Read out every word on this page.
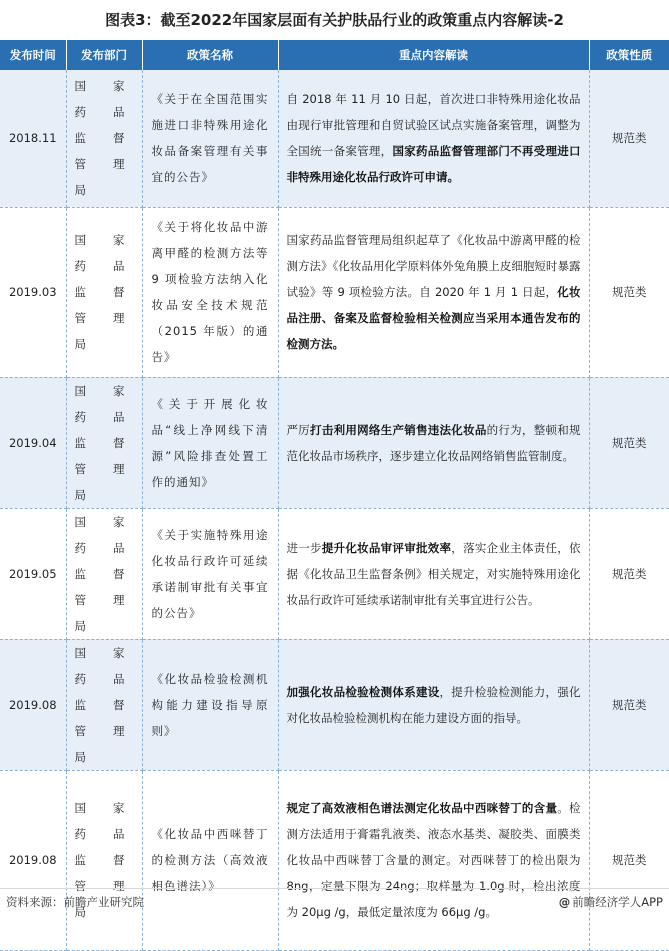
图表3：截至2022年国家层面有关护肤品行业的政策重点内容解读-2
发布时间	发布部门	政策名称	重点内容解读	政策性质
2018.11	国家药品监督管理局	《关于在全国范围实施进口非特殊用途化妆品备案管理有关事宜的公告》	自 2018 年 11 月 10 日起，首次进口非特殊用途化妆品由现行审批管理和自贸试验区试点实施备案管理，调整为全国统一备案管理，国家药品监督管理部门不再受理进口非特殊用途化妆品行政许可申请。	规范类
2019.03	国家药品监督管理局	《关于将化妆品中游离甲醛的检测方法等 9 项检验方法纳入化妆品安全技术规范（2015 年版）的通告》	国家药品监督管理局组织起草了《化妆品中游离甲醛的检测方法》《化妆品用化学原料体外兔角膜上皮细胞短时暴露试验》等 9 项检验方法。自 2020 年 1 月 1 日起，化妆品注册、备案及监督检验相关检测应当采用本通告发布的检测方法。	规范类
2019.04	国家药品监督管理局	《关于开展化妆品“线上净网线下清源”风险排查处置工作的通知》	严厉打击利用网络生产销售违法化妆品的行为，整顿和规范化妆品市场秩序，逐步建立化妆品网络销售监管制度。	规范类
2019.05	国家药品监督管理局	《关于实施特殊用途化妆品行政许可延续承诺制审批有关事宜的公告》	进一步提升化妆品审评审批效率，落实企业主体责任，依据《化妆品卫生监督条例》相关规定，对实施特殊用途化妆品行政许可延续承诺制审批有关事宜进行公告。	规范类
2019.08	国家药品监督管理局	《化妆品检验检测机构能力建设指导原则》	加强化妆品检验检测体系建设，提升检验检测能力，强化对化妆品检验检测机构在能力建设方面的指导。	规范类
2019.08	国家药品监督管理局	《化妆品中西咪替丁的检测方法（高效液相色谱法）》	规定了高效液相色谱法测定化妆品中西咪替丁的含量。检测方法适用于膏霜乳液类、液态水基类、凝胶类、面膜类化妆品中西咪替丁含量的测定。对西咪替丁的检出限为 8ng，定量下限为 24ng；取样量为 1.0g 时，检出浓度为 20μg /g，最低定量浓度为 66μg /g。	规范类
资料来源：前瞻产业研究院	@ 前瞻经济学人APP
